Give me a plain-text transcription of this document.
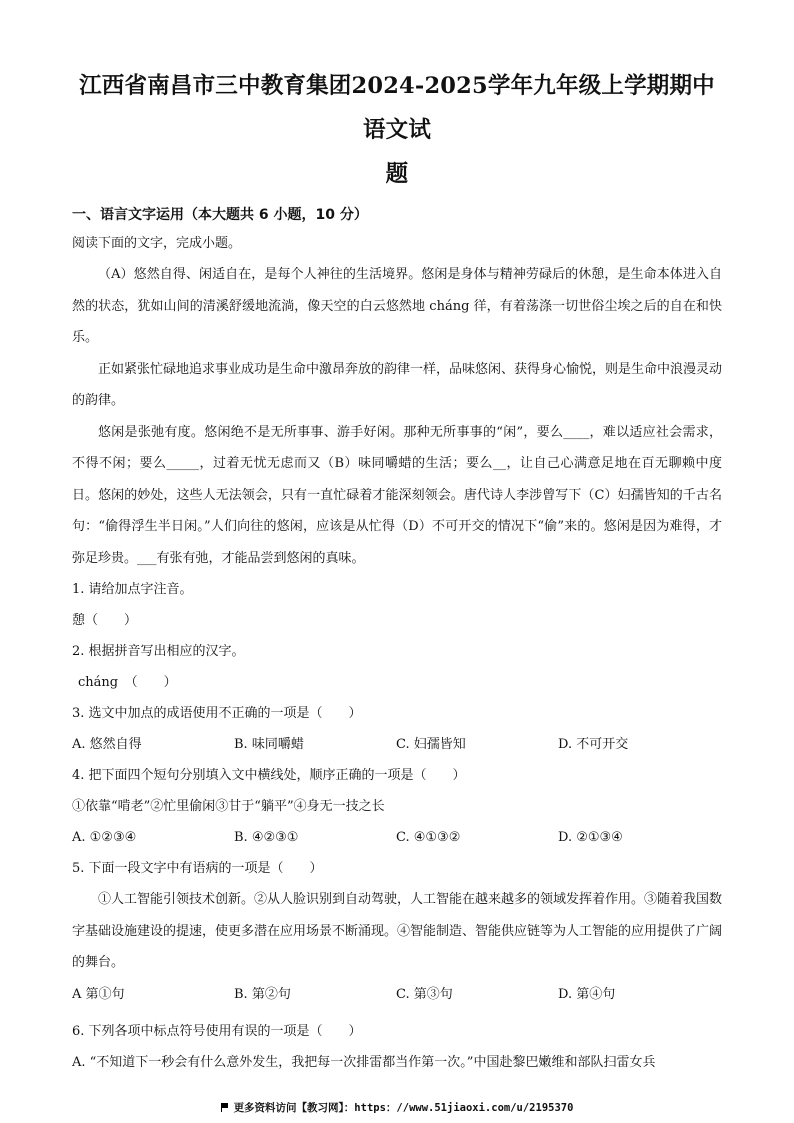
江西省南昌市三中教育集团2024-2025学年九年级上学期期中语文试
题
一、语言文字运用（本大题共 6 小题，10 分）
阅读下面的文字，完成小题。
（A）悠然自得、闲适自在，是每个人神往的生活境界。悠闲是身体与精神劳碌后的休憩，是生命本体进入自然的状态，犹如山间的清溪舒缓地流淌，像天空的白云悠然地 cháng 徉，有着荡涤一切世俗尘埃之后的自在和快乐。
正如紧张忙碌地追求事业成功是生命中激昂奔放的韵律一样，品味悠闲、获得身心愉悦，则是生命中浪漫灵动的韵律。
悠闲是张弛有度。悠闲绝不是无所事事、游手好闲。那种无所事事的“闲”，要么____，难以适应社会需求，不得不闲；要么_____，过着无忧无虑而又（B）味同嚼蜡的生活；要么__，让自己心满意足地在百无聊赖中度日。悠闲的妙处，这些人无法领会，只有一直忙碌着才能深刻领会。唐代诗人李涉曾写下（C）妇孺皆知的千古名句：“偷得浮生半日闲。”人们向往的悠闲，应该是从忙得（D）不可开交的情况下“偷”来的。悠闲是因为难得，才弥足珍贵。___有张有弛，才能品尝到悠闲的真味。
1. 请给加点字注音。
憩（　　）
2. 根据拼音写出相应的汉字。
cháng　（　　）
3. 选文中加点的成语使用不正确的一项是（　　）
A. 悠然自得	B. 味同嚼蜡	C. 妇孺皆知	D. 不可开交
4. 把下面四个短句分别填入文中横线处，顺序正确的一项是（　　）
①依靠“啃老”②忙里偷闲③甘于“躺平”④身无一技之长
A. ①②③④	B. ④②③①	C. ④①③②	D. ②①③④
5. 下面一段文字中有语病的一项是（　　）
①人工智能引领技术创新。②从人脸识别到自动驾驶，人工智能在越来越多的领域发挥着作用。③随着我国数字基础设施建设的提速，使更多潜在应用场景不断涌现。④智能制造、智能供应链等为人工智能的应用提供了广阔的舞台。
A 第①句	B. 第②句	C. 第③句	D. 第④句
6. 下列各项中标点符号使用有误的一项是（　　）
A. “不知道下一秒会有什么意外发生，我把每一次排雷都当作第一次。”中国赴黎巴嫩维和部队扫雷女兵
更多资料访问【教习网】：https：//www.51jiaoxi.com/u/2195370
